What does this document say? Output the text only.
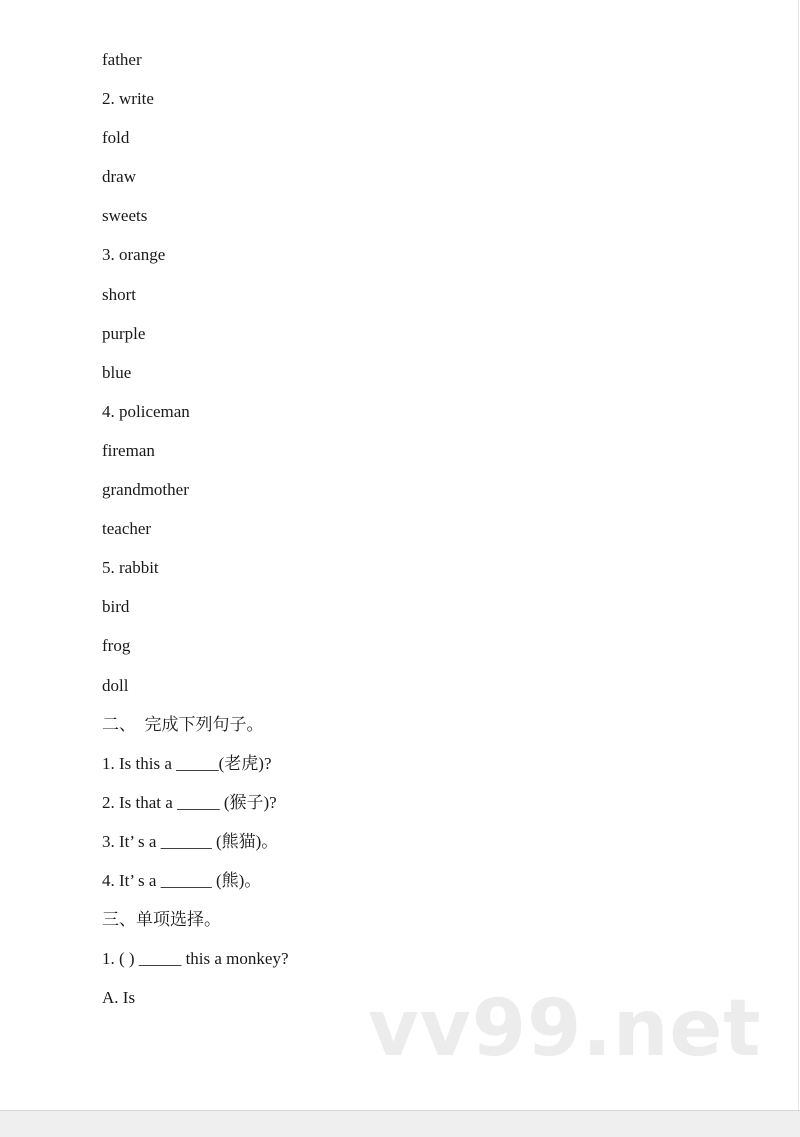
father
2. write
fold
draw
sweets
3. orange
short
purple
blue
4. policeman
fireman
grandmother
teacher
5. rabbit
bird
frog
doll
二、  完成下列句子。
1. Is this a _____(老虎)?
2. Is that a _____ (猴子)?
3. It’ s a ______ (熊猫)。
4. It’ s a ______ (熊)。
三、单项选择。
1. ( ) _____ this a monkey?
A. Is	vv99.net
